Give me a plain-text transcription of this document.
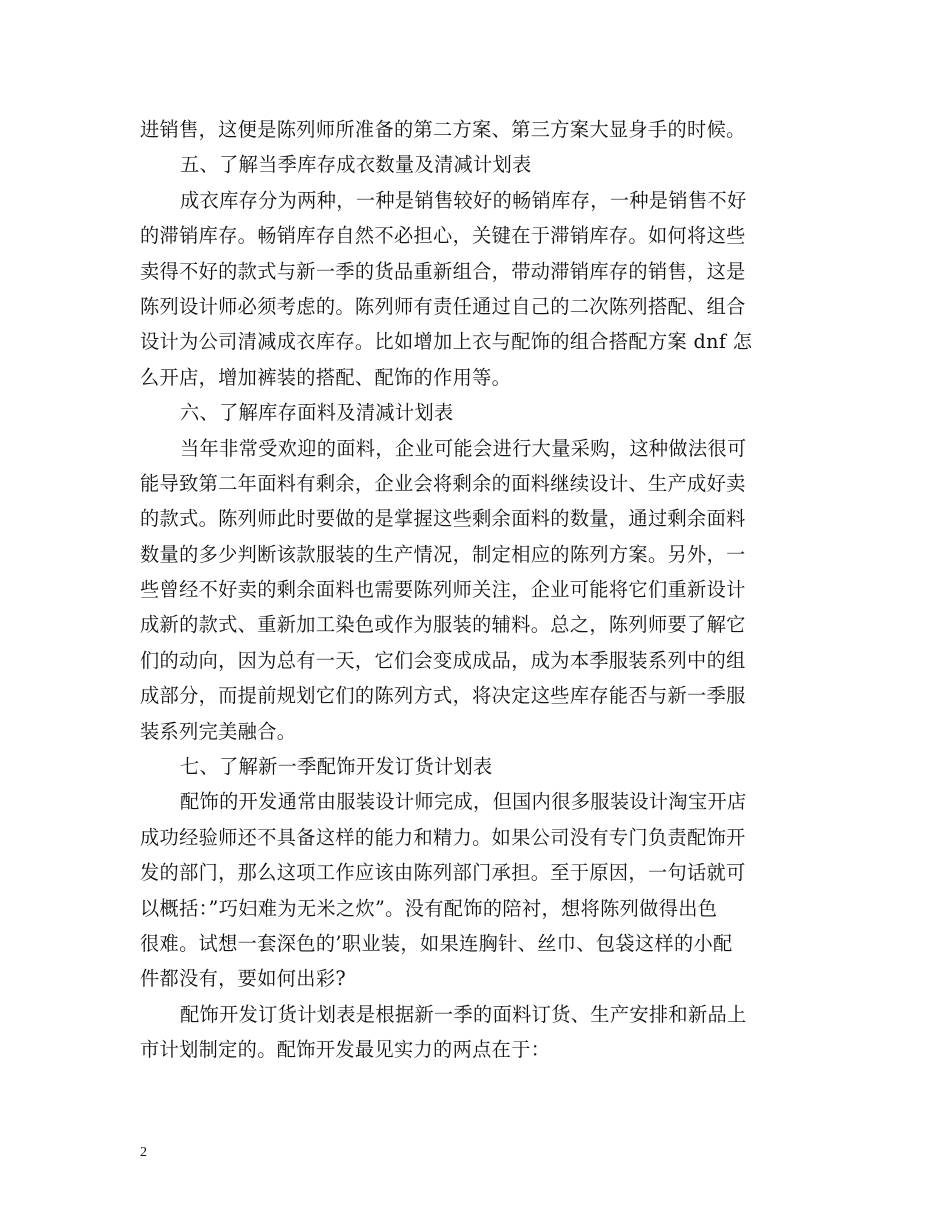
进销售，这便是陈列师所准备的第二方案、第三方案大显身手的时候。
五、了解当季库存成衣数量及清减计划表
成衣库存分为两种，一种是销售较好的畅销库存，一种是销售不好
的滞销库存。畅销库存自然不必担心，关键在于滞销库存。如何将这些
卖得不好的款式与新一季的货品重新组合，带动滞销库存的销售，这是
陈列设计师必须考虑的。陈列师有责任通过自己的二次陈列搭配、组合
设计为公司清减成衣库存。比如增加上衣与配饰的组合搭配方案 dnf 怎
么开店，增加裤装的搭配、配饰的作用等。
六、了解库存面料及清减计划表
当年非常受欢迎的面料，企业可能会进行大量采购，这种做法很可
能导致第二年面料有剩余，企业会将剩余的面料继续设计、生产成好卖
的款式。陈列师此时要做的是掌握这些剩余面料的数量，通过剩余面料
数量的多少判断该款服装的生产情况，制定相应的陈列方案。另外，一
些曾经不好卖的剩余面料也需要陈列师关注，企业可能将它们重新设计
成新的款式、重新加工染色或作为服装的辅料。总之，陈列师要了解它
们的动向，因为总有一天，它们会变成成品，成为本季服装系列中的组
成部分，而提前规划它们的陈列方式，将决定这些库存能否与新一季服
装系列完美融合。
七、了解新一季配饰开发订货计划表
配饰的开发通常由服装设计师完成，但国内很多服装设计淘宝开店
成功经验师还不具备这样的能力和精力。如果公司没有专门负责配饰开
发的部门，那么这项工作应该由陈列部门承担。至于原因，一句话就可
以概括：”巧妇难为无米之炊”。没有配饰的陪衬，想将陈列做得出色
很难。试想一套深色的’职业装，如果连胸针、丝巾、包袋这样的小配
件都没有，要如何出彩?
配饰开发订货计划表是根据新一季的面料订货、生产安排和新品上
市计划制定的。配饰开发最见实力的两点在于：
2
